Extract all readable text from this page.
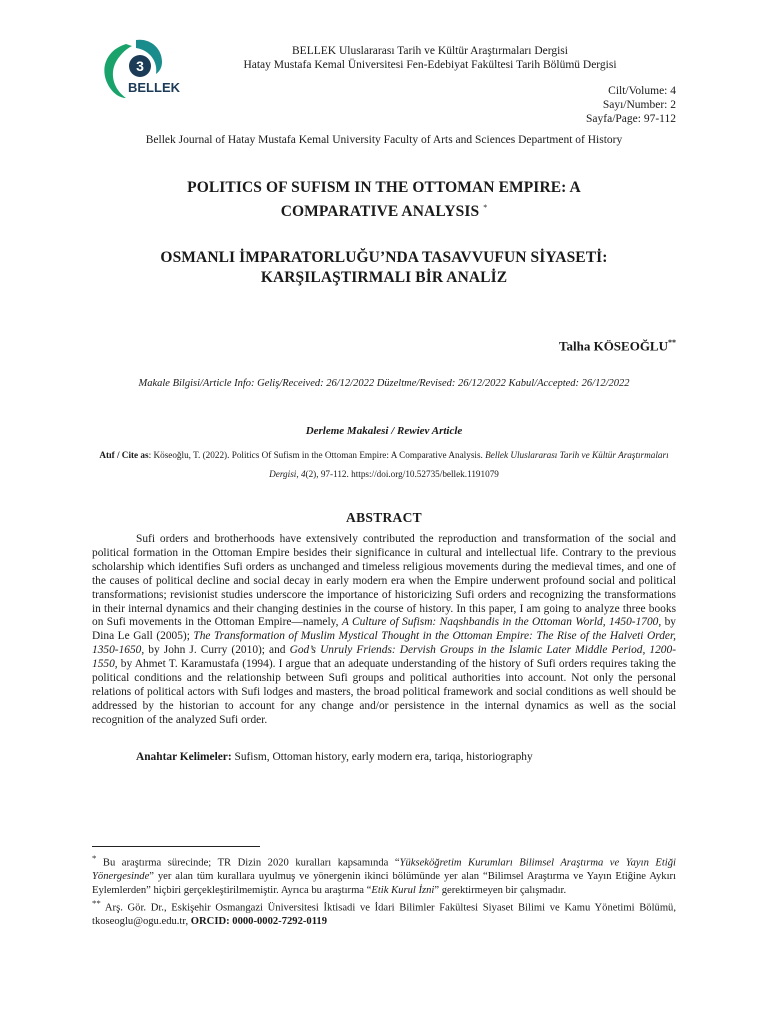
3
BELLEK
BELLEK Uluslararası Tarih ve Kültür Araştırmaları Dergisi
Hatay Mustafa Kemal Üniversitesi Fen-Edebiyat Fakültesi Tarih Bölümü Dergisi
Cilt/Volume: 4
Sayı/Number: 2
Sayfa/Page: 97-112
Bellek Journal of Hatay Mustafa Kemal University Faculty of Arts and Sciences Department of History
POLITICS OF SUFISM IN THE OTTOMAN EMPIRE: A
COMPARATIVE ANALYSIS *
OSMANLI İMPARATORLUĞU’NDA TASAVVUFUN SİYASETİ:
KARŞILAŞTIRMALI BİR ANALİZ
Talha KÖSEOĞLU**
Makale Bilgisi/Article Info: Geliş/Received: 26/12/2022 Düzeltme/Revised: 26/12/2022 Kabul/Accepted: 26/12/2022
Derleme Makalesi / Rewiev Article
Atıf / Cite as: Köseoğlu, T. (2022). Politics Of Sufism in the Ottoman Empire: A Comparative Analysis. Bellek Uluslararası Tarih ve Kültür Araştırmaları Dergisi, 4(2), 97-112. https://doi.org/10.52735/bellek.1191079
ABSTRACT

Sufi orders and brotherhoods have extensively contributed the reproduction and transformation of the social and political formation in the Ottoman Empire besides their significance in cultural and intellectual life. Contrary to the previous scholarship which identifies Sufi orders as unchanged and timeless religious movements during the medieval times, and one of the causes of political decline and social decay in early modern era when the Empire underwent profound social and political transformations; revisionist studies underscore the importance of historicizing Sufi orders and recognizing the transformations in their internal dynamics and their changing destinies in the course of history. In this paper, I am going to analyze three books on Sufi movements in the Ottoman Empire—namely, A Culture of Sufism: Naqshbandis in the Ottoman World, 1450-1700, by Dina Le Gall (2005); The Transformation of Muslim Mystical Thought in the Ottoman Empire: The Rise of the Halveti Order, 1350-1650, by John J. Curry (2010); and God’s Unruly Friends: Dervish Groups in the Islamic Later Middle Period, 1200-1550, by Ahmet T. Karamustafa (1994). I argue that an adequate understanding of the history of Sufi orders requires taking the political conditions and the relationship between Sufi groups and political authorities into account. Not only the personal relations of political actors with Sufi lodges and masters, the broad political framework and social conditions as well should be addressed by the historian to account for any change and/or persistence in the internal dynamics as well as the social recognition of the analyzed Sufi order.

Anahtar Kelimeler: Sufism, Ottoman history, early modern era, tariqa, historiography

* Bu araştırma sürecinde; TR Dizin 2020 kuralları kapsamında “Yükseköğretim Kurumları Bilimsel Araştırma ve Yayın Etiği Yönergesinde” yer alan tüm kurallara uyulmuş ve yönergenin ikinci bölümünde yer alan “Bilimsel Araştırma ve Yayın Etiğine Aykırı Eylemlerden” hiçbiri gerçekleştirilmemiştir. Ayrıca bu araştırma “Etik Kurul İzni” gerektirmeyen bir çalışmadır.

** Arş. Gör. Dr., Eskişehir Osmangazi Üniversitesi İktisadi ve İdari Bilimler Fakültesi Siyaset Bilimi ve Kamu Yönetimi Bölümü, tkoseoglu@ogu.edu.tr, ORCID: 0000-0002-7292-0119
